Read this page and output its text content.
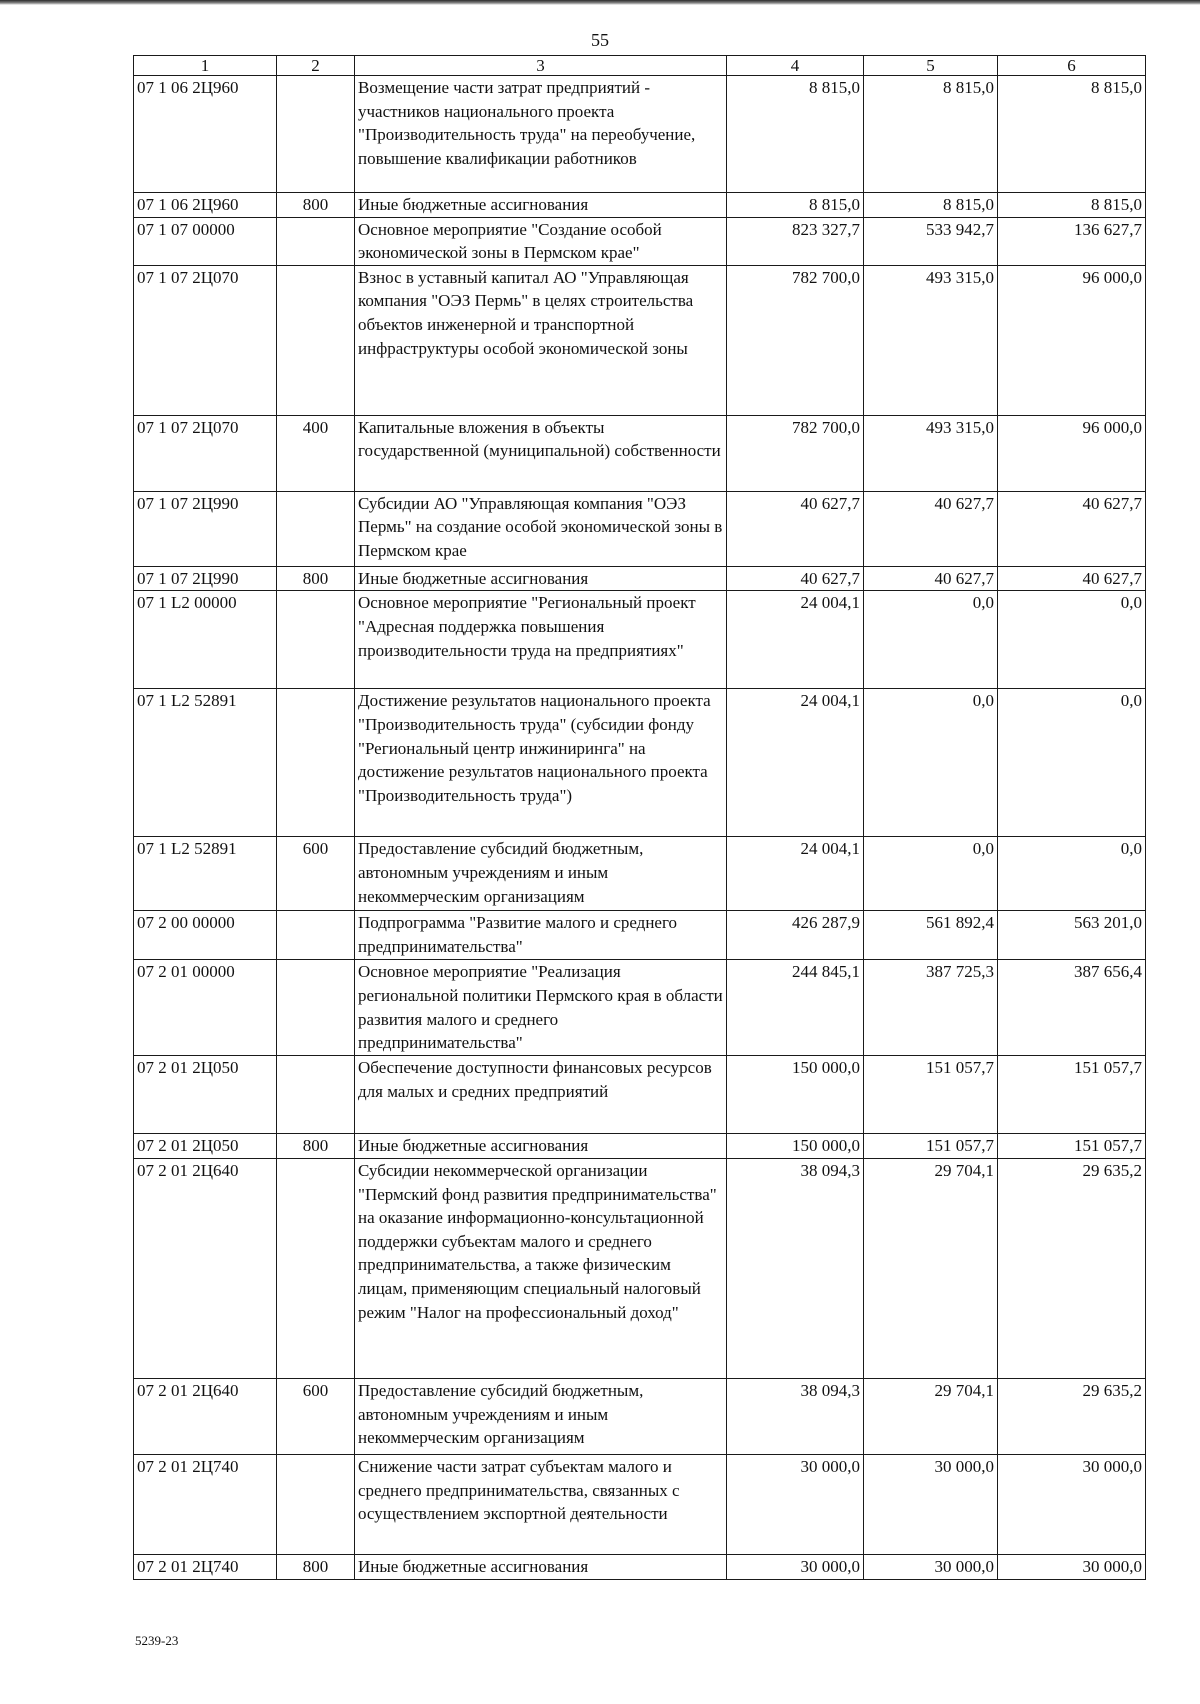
55
1	2	3	4	5	6
07 1 06 2Ц960		Возмещение части затрат предприятий - участников национального проекта "Производительность труда" на переобучение, повышение квалификации работников	8 815,0	8 815,0	8 815,0
07 1 06 2Ц960	800	Иные бюджетные ассигнования	8 815,0	8 815,0	8 815,0
07 1 07 00000		Основное мероприятие "Создание особой экономической зоны в Пермском крае"	823 327,7	533 942,7	136 627,7
07 1 07 2Ц070		Взнос в уставный капитал АО "Управляющая компания "ОЭЗ Пермь" в целях строительства объектов инженерной и транспортной инфраструктуры особой экономической зоны	782 700,0	493 315,0	96 000,0
07 1 07 2Ц070	400	Капитальные вложения в объекты государственной (муниципальной) собственности	782 700,0	493 315,0	96 000,0
07 1 07 2Ц990		Субсидии АО "Управляющая компания "ОЭЗ Пермь" на создание особой экономической зоны в Пермском крае	40 627,7	40 627,7	40 627,7
07 1 07 2Ц990	800	Иные бюджетные ассигнования	40 627,7	40 627,7	40 627,7
07 1 L2 00000		Основное мероприятие "Региональный проект "Адресная поддержка повышения производительности труда на предприятиях"	24 004,1	0,0	0,0
07 1 L2 52891		Достижение результатов национального проекта "Производительность труда" (субсидии фонду "Региональный центр инжиниринга" на достижение результатов национального проекта "Производительность труда")	24 004,1	0,0	0,0
07 1 L2 52891	600	Предоставление субсидий бюджетным, автономным учреждениям и иным некоммерческим организациям	24 004,1	0,0	0,0
07 2 00 00000		Подпрограмма "Развитие малого и среднего предпринимательства"	426 287,9	561 892,4	563 201,0
07 2 01 00000		Основное мероприятие "Реализация региональной политики Пермского края в области развития малого и среднего предпринимательства"	244 845,1	387 725,3	387 656,4
07 2 01 2Ц050		Обеспечение доступности финансовых ресурсов для малых и средних предприятий	150 000,0	151 057,7	151 057,7
07 2 01 2Ц050	800	Иные бюджетные ассигнования	150 000,0	151 057,7	151 057,7
07 2 01 2Ц640		Субсидии некоммерческой организации "Пермский фонд развития предпринимательства" на оказание информационно-консультационной поддержки субъектам малого и среднего предпринимательства, а также физическим лицам, применяющим специальный налоговый режим "Налог на профессиональный доход"	38 094,3	29 704,1	29 635,2
07 2 01 2Ц640	600	Предоставление субсидий бюджетным, автономным учреждениям и иным некоммерческим организациям	38 094,3	29 704,1	29 635,2
07 2 01 2Ц740		Снижение части затрат субъектам малого и среднего предпринимательства, связанных с осуществлением экспортной деятельности	30 000,0	30 000,0	30 000,0
07 2 01 2Ц740	800	Иные бюджетные ассигнования	30 000,0	30 000,0	30 000,0
5239-23
